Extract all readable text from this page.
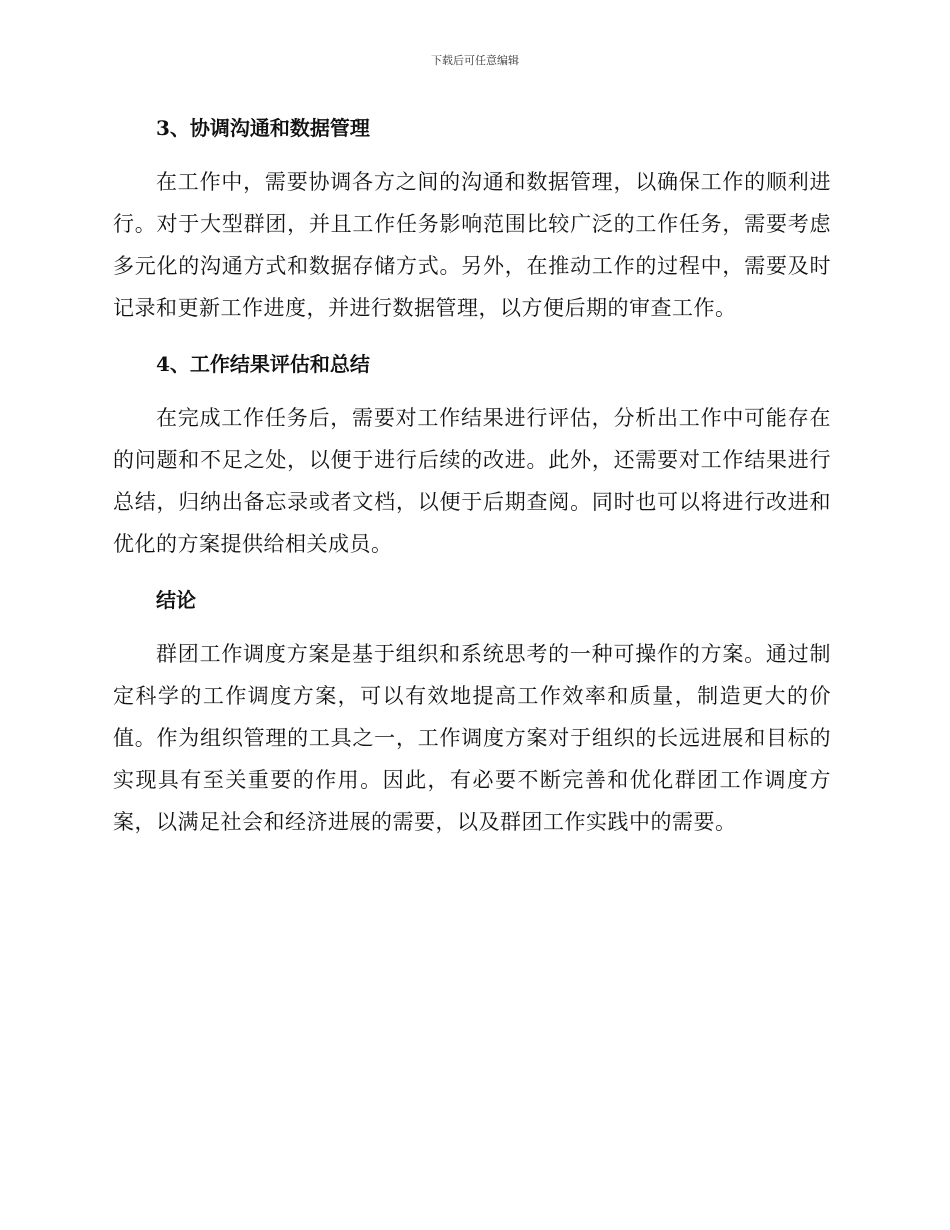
下载后可任意编辑
3、协调沟通和数据管理

在工作中，需要协调各方之间的沟通和数据管理，以确保工作的顺利进行。对于大型群团，并且工作任务影响范围比较广泛的工作任务，需要考虑多元化的沟通方式和数据存储方式。另外，在推动工作的过程中，需要及时记录和更新工作进度，并进行数据管理，以方便后期的审查工作。

4、工作结果评估和总结

在完成工作任务后，需要对工作结果进行评估，分析出工作中可能存在的问题和不足之处，以便于进行后续的改进。此外，还需要对工作结果进行总结，归纳出备忘录或者文档，以便于后期查阅。同时也可以将进行改进和优化的方案提供给相关成员。

结论

群团工作调度方案是基于组织和系统思考的一种可操作的方案。通过制定科学的工作调度方案，可以有效地提高工作效率和质量，制造更大的价值。作为组织管理的工具之一，工作调度方案对于组织的长远进展和目标的实现具有至关重要的作用。因此，有必要不断完善和优化群团工作调度方案，以满足社会和经济进展的需要，以及群团工作实践中的需要。
